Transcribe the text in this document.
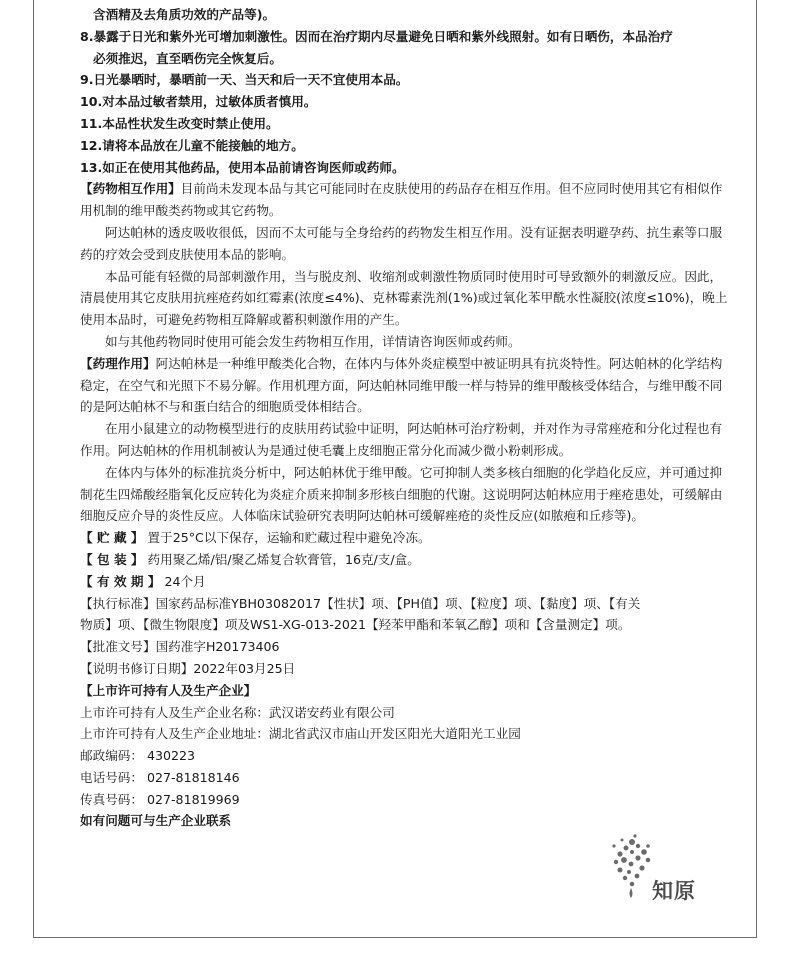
含酒精及去角质功效的产品等)。

8.暴露于日光和紫外光可增加刺激性。因而在治疗期内尽量避免日晒和紫外线照射。如有日晒伤，本品治疗

必须推迟，直至晒伤完全恢复后。

9.日光暴晒时，暴晒前一天、当天和后一天不宜使用本品。

10.对本品过敏者禁用，过敏体质者慎用。

11.本品性状发生改变时禁止使用。

12.请将本品放在儿童不能接触的地方。

13.如正在使用其他药品，使用本品前请咨询医师或药师。

【药物相互作用】目前尚未发现本品与其它可能同时在皮肤使用的药品存在相互作用。但不应同时使用其它有相似作用机制的维甲酸类药物或其它药物。

阿达帕林的透皮吸收很低，因而不太可能与全身给药的药物发生相互作用。没有证据表明避孕药、抗生素等口服药的疗效会受到皮肤使用本品的影响。

本品可能有轻微的局部刺激作用，当与脱皮剂、收缩剂或刺激性物质同时使用时可导致额外的刺激反应。因此，清晨使用其它皮肤用抗痤疮药如红霉素(浓度≤4%)、克林霉素洗剂(1%)或过氧化苯甲酰水性凝胶(浓度≤10%)，晚上使用本品时，可避免药物相互降解或蓄积刺激作用的产生。

如与其他药物同时使用可能会发生药物相互作用，详情请咨询医师或药师。

【药理作用】阿达帕林是一种维甲酸类化合物，在体内与体外炎症模型中被证明具有抗炎特性。阿达帕林的化学结构稳定，在空气和光照下不易分解。作用机理方面，阿达帕林同维甲酸一样与特异的维甲酸核受体结合，与维甲酸不同的是阿达帕林不与和蛋白结合的细胞质受体相结合。

在用小鼠建立的动物模型进行的皮肤用药试验中证明，阿达帕林可治疗粉刺，并对作为寻常痤疮和分化过程也有作用。阿达帕林的作用机制被认为是通过使毛囊上皮细胞正常分化而减少微小粉刺形成。

在体内与体外的标准抗炎分析中，阿达帕林优于维甲酸。它可抑制人类多核白细胞的化学趋化反应，并可通过抑制花生四烯酸经脂氧化反应转化为炎症介质来抑制多形核白细胞的代谢。这说明阿达帕林应用于痤疮患处，可缓解由细胞反应介导的炎性反应。人体临床试验研究表明阿达帕林可缓解痤疮的炎性反应(如脓疱和丘疹等)。

【 贮 藏 】 置于25°C以下保存，运输和贮藏过程中避免冷冻。

【 包 装 】 药用聚乙烯/铝/聚乙烯复合软膏管，16克/支/盒。

【 有 效 期 】 24个月

【执行标准】国家药品标准YBH03082017【性状】项、【PH值】项、【粒度】项、【黏度】项、【有关

物质】项、【微生物限度】项及WS1-XG-013-2021【羟苯甲酯和苯氧乙醇】项和【含量测定】项。

【批准文号】国药准字H20173406

【说明书修订日期】2022年03月25日

【上市许可持有人及生产企业】

上市许可持有人及生产企业名称：武汉诺安药业有限公司

上市许可持有人及生产企业地址：湖北省武汉市庙山开发区阳光大道阳光工业园

邮政编码： 430223

电话号码： 027-81818146

传真号码： 027-81819969

如有问题可与生产企业联系

知原
